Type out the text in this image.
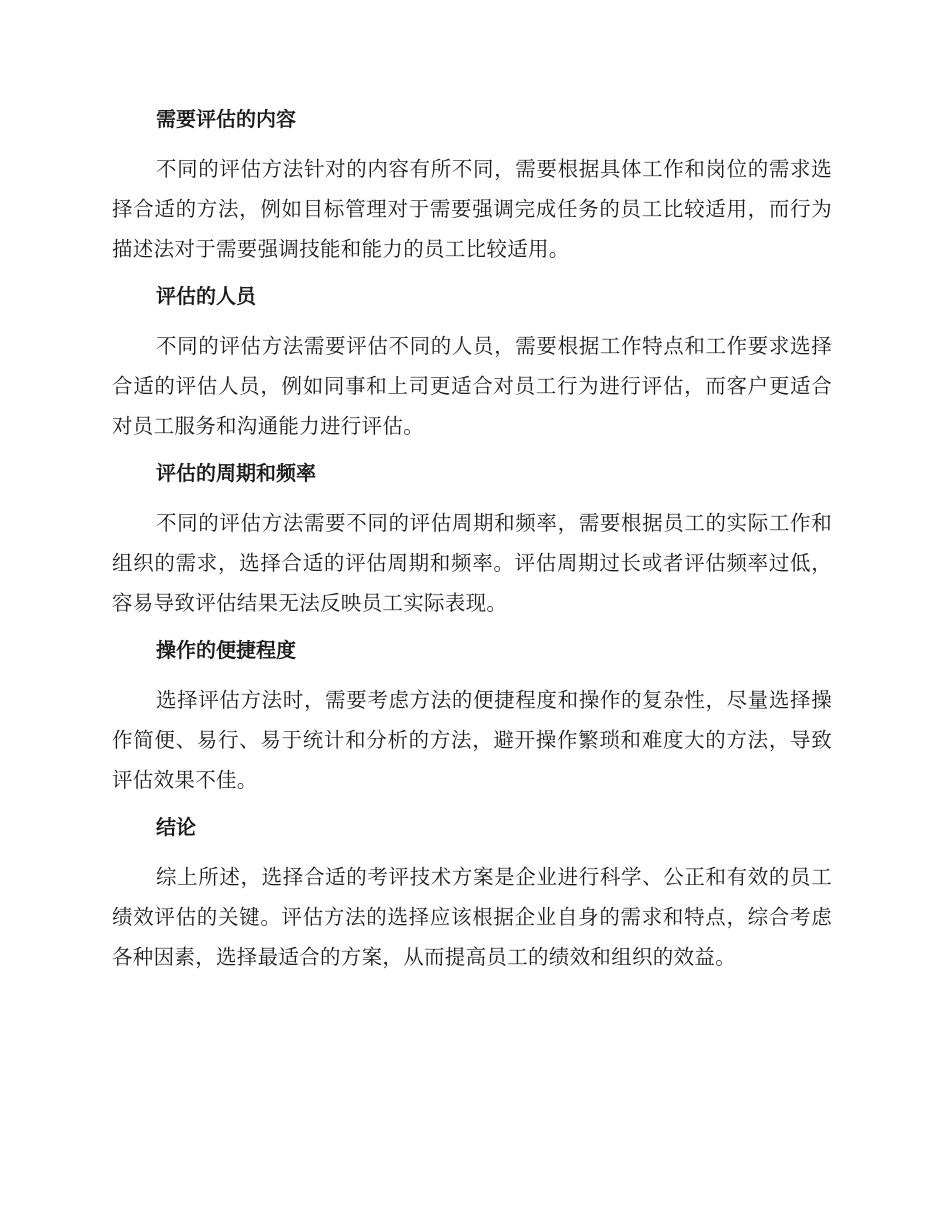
需要评估的内容

不同的评估方法针对的内容有所不同，需要根据具体工作和岗位的需求选择合适的方法，例如目标管理对于需要强调完成任务的员工比较适用，而行为描述法对于需要强调技能和能力的员工比较适用。

评估的人员

不同的评估方法需要评估不同的人员，需要根据工作特点和工作要求选择合适的评估人员，例如同事和上司更适合对员工行为进行评估，而客户更适合对员工服务和沟通能力进行评估。

评估的周期和频率

不同的评估方法需要不同的评估周期和频率，需要根据员工的实际工作和组织的需求，选择合适的评估周期和频率。评估周期过长或者评估频率过低，容易导致评估结果无法反映员工实际表现。

操作的便捷程度

选择评估方法时，需要考虑方法的便捷程度和操作的复杂性，尽量选择操作简便、易行、易于统计和分析的方法，避开操作繁琐和难度大的方法，导致评估效果不佳。

结论

综上所述，选择合适的考评技术方案是企业进行科学、公正和有效的员工绩效评估的关键。评估方法的选择应该根据企业自身的需求和特点，综合考虑各种因素，选择最适合的方案，从而提高员工的绩效和组织的效益。
